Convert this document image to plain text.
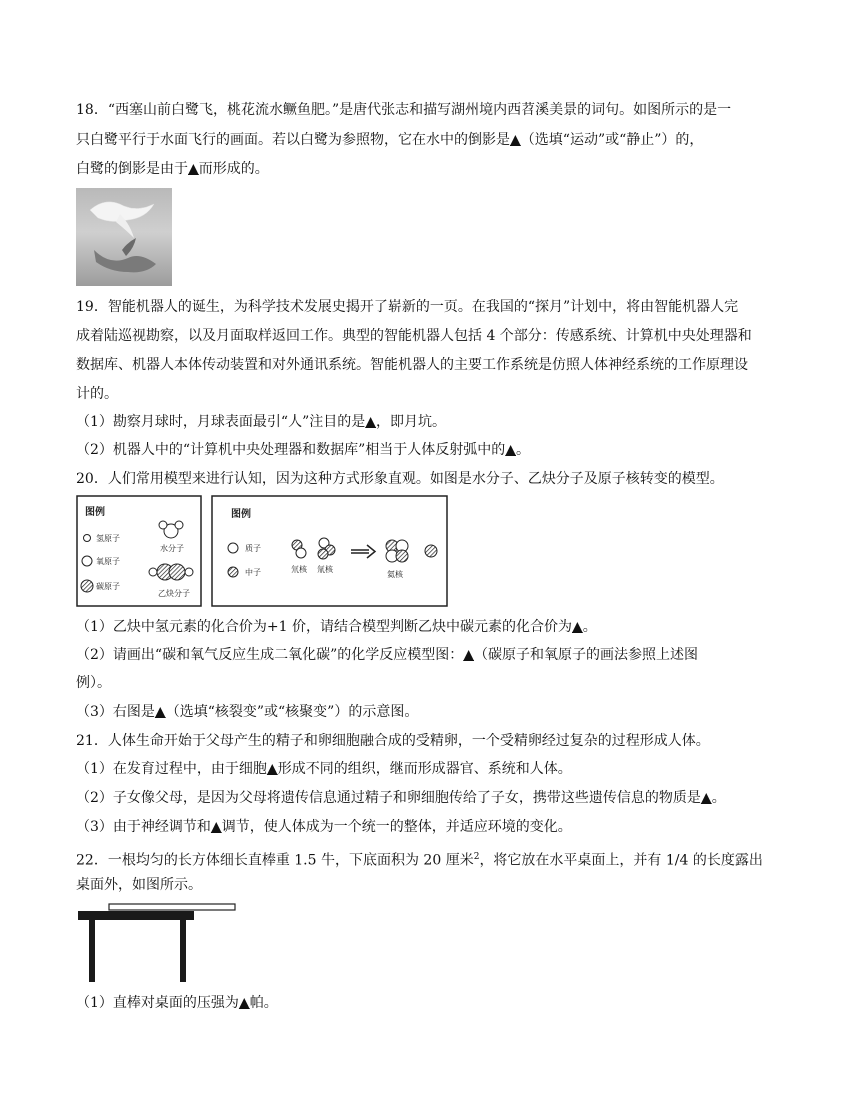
18．“西塞山前白鹭飞，桃花流水鳜鱼肥。”是唐代张志和描写湖州境内西苕溪美景的词句。如图所示的是一
只白鹭平行于水面飞行的画面。若以白鹭为参照物，它在水中的倒影是▲（选填“运动”或“静止”）的，
白鹭的倒影是由于▲而形成的。
19．智能机器人的诞生，为科学技术发展史揭开了崭新的一页。在我国的“探月”计划中，将由智能机器人完
成着陆巡视勘察，以及月面取样返回工作。典型的智能机器人包括 4 个部分：传感系统、计算机中央处理器和
数据库、机器人本体传动装置和对外通讯系统。智能机器人的主要工作系统是仿照人体神经系统的工作原理设
计的。
（1）勘察月球时，月球表面最引“人”注目的是▲，即月坑。
（2）机器人中的“计算机中央处理器和数据库”相当于人体反射弧中的▲。
20．人们常用模型来进行认知，因为这种方式形象直观。如图是水分子、乙炔分子及原子核转变的模型。
图例
氢原子
氧原子
碳原子
水分子
乙炔分子
图例
质子
中子	氘核 氚核
氦核
（1）乙炔中氢元素的化合价为+1 价，请结合模型判断乙炔中碳元素的化合价为▲。
（2）请画出“碳和氧气反应生成二氧化碳”的化学反应模型图：▲（碳原子和氧原子的画法参照上述图
例）。
（3）右图是▲（选填“核裂变”或“核聚变”）的示意图。
21．人体生命开始于父母产生的精子和卵细胞融合成的受精卵，一个受精卵经过复杂的过程形成人体。
（1）在发育过程中，由于细胞▲形成不同的组织，继而形成器官、系统和人体。
（2）子女像父母，是因为父母将遗传信息通过精子和卵细胞传给了子女，携带这些遗传信息的物质是▲。
（3）由于神经调节和▲调节，使人体成为一个统一的整体，并适应环境的变化。
22．一根均匀的长方体细长直棒重 1.5 牛，下底面积为 20 厘米$^2$，将它放在水平桌面上，并有 1/4 的长度露出
桌面外，如图所示。
（1）直棒对桌面的压强为▲帕。
